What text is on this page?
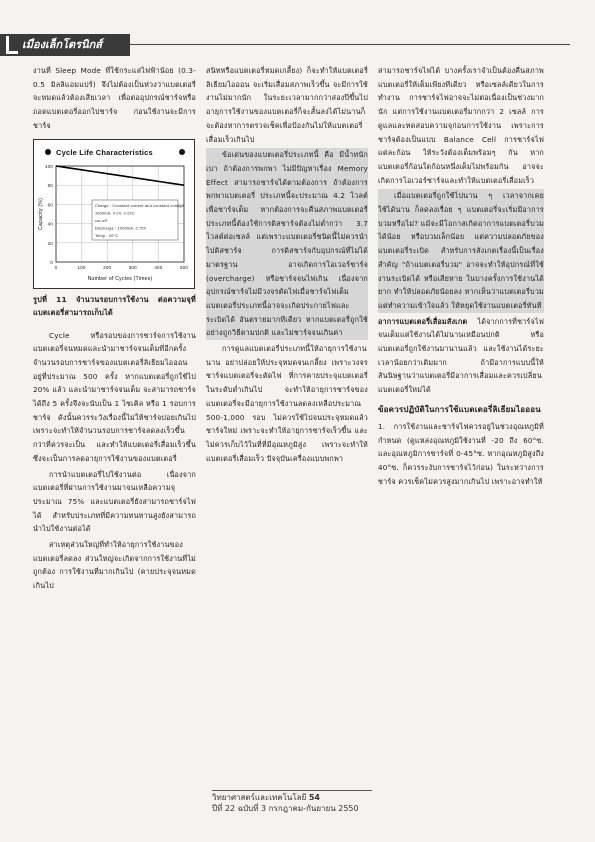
เมืองเล็กโตรนิกส์

งานที่ Sleep Mode ที่ใช้กระแสไฟฟ้าน้อย (0.3-0.5 มิลลิแอมแปร์) จึงไม่ต้องเป็นห่วงว่าแบตเตอรี่จะหมดแล้วต้องเสียเวลา เพื่อต่ออุปกรณ์ชาร์จหรือถอดแบตเตอรี่ออกไปชาร์จ ก่อนใช้งานจะมีการชาร์จ

Cycle Life Characteristics
0
20
40
60
80
100
0	100	200	300	400	500
Charge : Constant current and constant voltage
1000mA, 4.2V, 0.02C
cut-off
Discharge : 1000mA, 2.75V
Temp : 20°C
Number of Cycles (Times)
Capacity (%)
รูปที่ 11 จำนวนรอบการใช้งาน ต่อความจุที่แบตเตอรี่สามารถเก็บได้

Cycle หรือรอบของการชาร์จการใช้งานแบตเตอรี่จนหมดและนำมาชาร์จจนเต็มที่อีกครั้ง จำนวนรอบการชาร์จของแบตเตอรี่ลิเธียมไอออนอยู่ที่ประมาณ 500 ครั้ง หากแบตเตอรี่ถูกใช้ไป 20% แล้ว และนำมาชาร์จจนเต็ม จะสามารถชาร์จได้ถึง 5 ครั้งจึงจะนับเป็น 1 ไซเคิล หรือ 1 รอบการชาร์จ ดังนั้นควรระวังเรื่องนี้ไม่ให้ชาร์จบ่อยเกินไป เพราะจะทำให้จำนวนรอบการชาร์จลดลงเร็วขึ้นกว่าที่ควรจะเป็น และทำให้แบตเตอรี่เสื่อมเร็วขึ้น ซึ่งจะเป็นการลดอายุการใช้งานของแบตเตอรี่

การนำแบตเตอรี่ไปใช้งานต่อ เนื่องจากแบตเตอรี่ที่ผ่านการใช้งานมาจนเหลือความจุประมาณ 75% และแบตเตอรี่ยังสามารถชาร์จไฟได้ สำหรับประเภทที่มีความทนทานสูงยังสามารถนำไปใช้งานต่อได้

สาเหตุส่วนใหญ่ที่ทำให้อายุการใช้งานของแบตเตอรี่ลดลง ส่วนใหญ่จะเกิดจากการใช้งานที่ไม่ถูกต้อง การใช้งานที่มากเกินไป (คายประจุจนหมดเกินไป

สนิทหรือแบตเตอรี่หมดเกลี้ยง) ก็จะทำให้แบตเตอรี่ลิเธียมไอออน จะเริ่มเสื่อมสภาพเร็วขึ้น จะมีการใช้งานไม่มากนัก ในระยะเวลามากกว่าสองปีขึ้นไป อายุการใช้งานของแบตเตอรี่ก็จะสั้นลงได้ไม่นานก็จะต้องหาการตรวจเช็คเพื่อป้องกันไม่ให้แบตเตอรี่เสื่อมเร็วเกินไป

ข้อเด่นของแบตเตอรี่ประเภทนี้ คือ มีน้ำหนักเบา ถ้าต้องการพกพา ไม่มีปัญหาเรื่อง Memory Effect สามารถชาร์จได้ตามต้องการ ถ้าต้องการพกพาแบตเตอรี่ ประเภทนี้จะประมาณ 4.2 โวลต์ เพื่อชาร์จเต็ม หากต้องการจะคืนสภาพแบตเตอรี่ประเภทนี้ต้องใช้การดิสชาร์จต้องไม่ต่ำกว่า 3.7 โวลต์ต่อเซลล์ แต่เพราะแบตเตอรี่ชนิดนี้ไม่ควรนำไปดิสชาร์จ การดิสชาร์จกับอุปกรณ์ที่ไม่ได้มาตรฐาน อาจเกิดการโอเวอร์ชาร์จ (overcharge) หรือชาร์จจนไฟเกิน เนื่องจากอุปกรณ์ชาร์จไม่มีวงจรตัดไฟเมื่อชาร์จไฟเต็ม แบตเตอรี่ประเภทนี้อาจจะเกิดประกายไฟและระเบิดได้ อันตรายมากทีเดียว หากแบตเตอรี่ถูกใช้อย่างถูกวิธีตามปกติ และไม่ชาร์จจนเกินค่า

การดูแลแบตเตอรี่ประเภทนี้ให้อายุการใช้งานนาน อย่าปล่อยให้ประจุหมดจนเกลี้ยง เพราะวงจรชาร์จแบตเตอรี่จะตัดไฟ ที่การคายประจุแบตเตอรี่ในระดับต่ำเกินไป จะทำให้อายุการชาร์จของแบตเตอรี่จะมีอายุการใช้งานลดลงเหลือประมาณ 500-1,000 รอบ ไม่ควรใช้ไปจนประจุหมดแล้วชาร์จใหม่ เพราะจะทำให้อายุการชาร์จเร็วขึ้น และไม่ควรเก็บไว้ในที่ที่มีอุณหภูมิสูง เพราะจะทำให้แบตเตอรี่เสื่อมเร็ว ปัจจุบันเครื่องแบบพกพา

สามารถชาร์จไฟได้ บางครั้งเราจำเป็นต้องคืนสภาพแบตเตอรี่ให้เต็มเพียงทีเดียว หรือเซลล์เดียวในการทำงาน การชาร์จไฟอาจจะไม่ต่อเนื่องเป็นช่วงมากนัก แต่การใช้งานแบตเตอรี่มากกว่า 2 เซลล์ การดูแลและทดสอบความจุก่อนการใช้งาน เพราะการชาร์จต้องเป็นแบบ Balance Cell การชาร์จไฟแต่ละก้อน ให้ระวังต้องเต็มพร้อมๆ กัน หากแบตเตอรี่ก้อนใดก้อนหนึ่งเต็มไม่พร้อมกัน อาจจะเกิดการโอเวอร์ชาร์จและทำให้แบตเตอรี่เสื่อมเร็ว

เมื่อแบตเตอรี่ถูกใช้ไปนาน ๆ เวลาจากเคยใช้ได้นาน ก็ลดลงเรื่อย ๆ แบตเตอรี่จะเริ่มมีอาการบวมหรือไม่? แม้จะมีโอกาสเกิดอาการแบตเตอรี่บวมได้น้อย หรือบวมเล็กน้อย แต่ความปลอดภัยของแบตเตอรี่ระเบิด สำหรับการสังเกตเรื่องนี้เป็นเรื่องสำคัญ "ถ้าแบตเตอรี่บวม" อาจจะทำให้อุปกรณ์ที่ใช้งานระเบิดได้ หรือเสียหาย ในบางครั้งการใช้งานได้ยาก ทำให้ปลอดภัยน้อยลง หากเห็นว่าแบตเตอรี่บวม แต่ทำความเข้าใจแล้ว ให้หยุดใช้งานแบตเตอรี่ทันที

อาการแบตเตอรี่เสื่อมสังเกต ได้จากการที่ชาร์จไฟจนเต็มแต่ใช้งานได้ไม่นานเหมือนปกติ หรือแบตเตอรี่ถูกใช้งานมานานแล้ว และใช้งานได้ระยะเวลาน้อยกว่าเดิมมาก ถ้ามีอาการแบบนี้ให้สันนิษฐานว่าแบตเตอรี่มีอาการเสื่อมและควรเปลี่ยนแบตเตอรี่ใหม่ได้

ข้อควรปฏิบัติในการใช้แบตเตอรี่ลิเธียมไอออน

1. การใช้งานและชาร์จไฟควรอยู่ในช่วงอุณหภูมิที่กำหนด (ดูแหล่งอุณหภูมิใช้งานที่ -20 ถึง 60°ซ. และอุณหภูมิการชาร์จที่ 0-45°ซ. หากอุณหภูมิสูงถึง 40°ซ. ก็ควรระงับการชาร์จไว้ก่อน) ในระหว่างการชาร์จ ควรเช็คไม่ควรสูงมากเกินไป เพราะอาจทำให้

วิทยาศาสตร์และเทคโนโลยี 54
ปีที่ 22 ฉบับที่ 3 กรกฎาคม-กันยายน 2550
